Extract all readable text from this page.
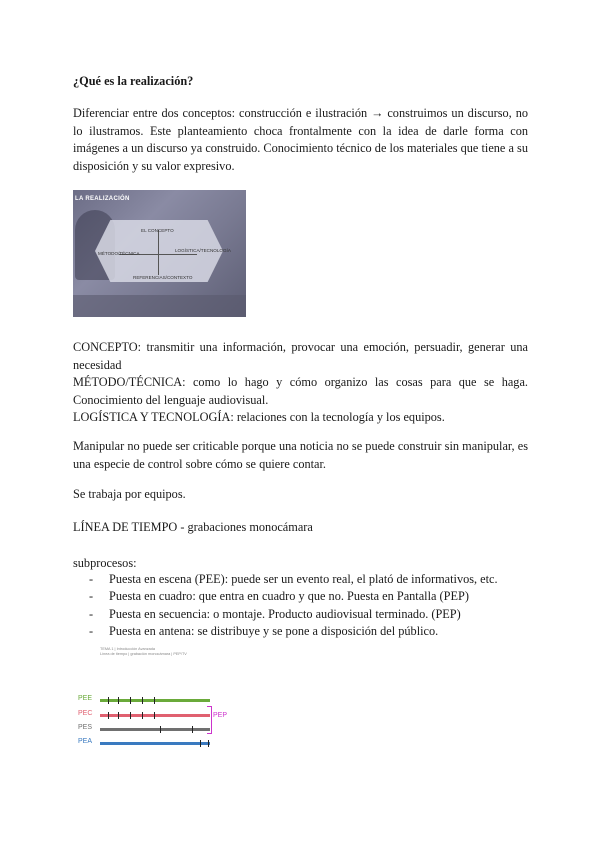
¿Qué es la realización?
Diferenciar entre dos conceptos: construcción e ilustración → construimos un discurso, no lo ilustramos. Este planteamiento choca frontalmente con la idea de darle forma con imágenes a un discurso ya construido. Conocimiento técnico de los materiales que tiene a su disposición y su valor expresivo.
LA REALIZACIÓN
EL CONCEPTO
MÉTODO/TÉCNICA
LOGÍSTICA/TECNOLOGÍA
REFERENCIAS/CONTEXTO
CONCEPTO: transmitir una información, provocar una emoción, persuadir, generar una necesidad
MÉTODO/TÉCNICA: como lo hago y cómo organizo las cosas para que se haga. Conocimiento del lenguaje audiovisual.
LOGÍSTICA Y TECNOLOGÍA: relaciones con la tecnología y los equipos.
Manipular no puede ser criticable porque una noticia no se puede construir sin manipular, es una especie de control sobre cómo se quiere contar.
Se trabaja por equipos.
LÍNEA DE TIEMPO - grabaciones monocámara
subprocesos:
- Puesta en escena (PEE): puede ser un evento real, el plató de informativos, etc.
- Puesta en cuadro: que entra en cuadro y que no. Puesta en Pantalla (PEP)
- Puesta en secuencia: o montaje. Producto audiovisual terminado. (PEP)
- Puesta en antena: se distribuye y se pone a disposición del público.
TEMA 1 | Introducción Avanzada
Línea de tiempo | grabación monocámara | PEP/TV
PEE
PEC
PES
PEA
PEP
